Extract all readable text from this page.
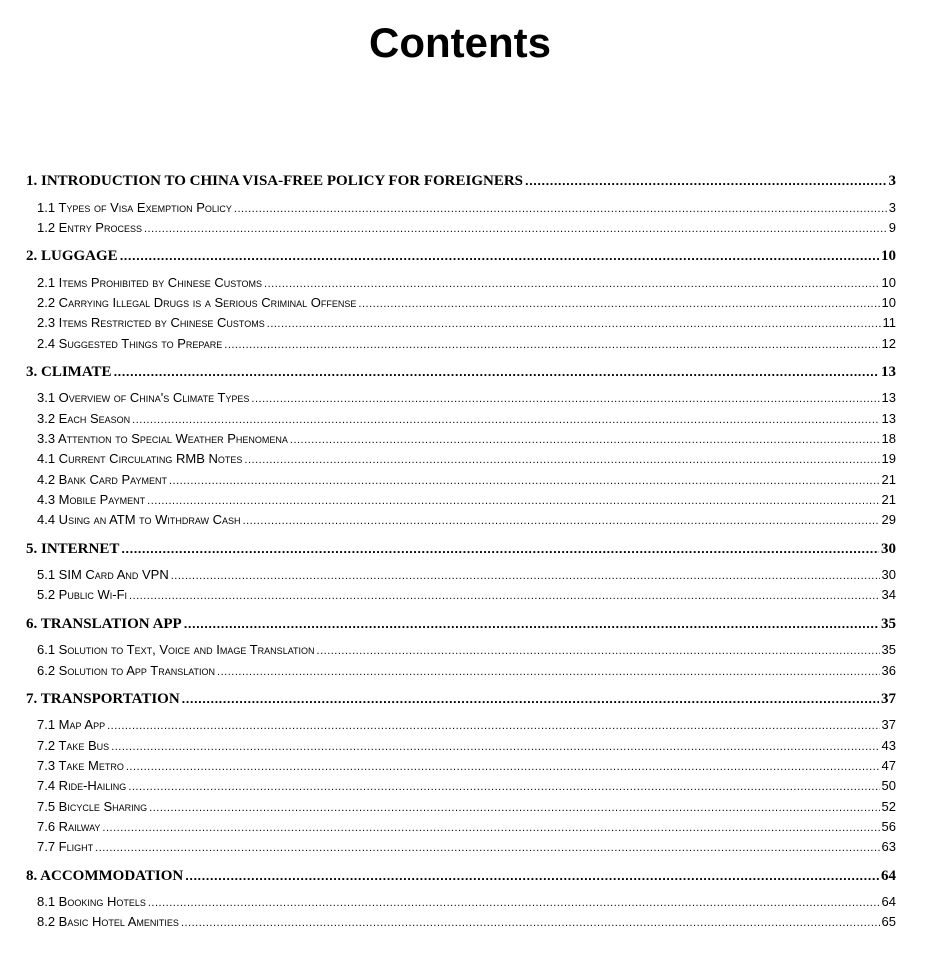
Contents
1. INTRODUCTION TO CHINA VISA-FREE POLICY FOR FOREIGNERS .....	3
1.1 Types of Visa Exemption Policy .....	3
1.2 Entry Process .....	9
2. LUGGAGE .....	10
2.1 Items Prohibited by Chinese Customs .....	10
2.2 Carrying Illegal Drugs is a Serious Criminal Offense .....	10
2.3 Items Restricted by Chinese Customs .....	11
2.4 Suggested Things to Prepare .....	12
3. CLIMATE .....	13
3.1 Overview of China's Climate Types .....	13
3.2 Each Season .....	13
3.3 Attention to Special Weather Phenomena .....	18
4.1 Current Circulating RMB Notes .....	19
4.2 Bank Card Payment .....	21
4.3 Mobile Payment .....	21
4.4 Using an ATM to Withdraw Cash .....	29
5. INTERNET .....	30
5.1 SIM Card And VPN .....	30
5.2 Public Wi-Fi .....	34
6. TRANSLATION APP .....	35
6.1 Solution to Text, Voice and Image Translation .....	35
6.2 Solution to App Translation .....	36
7. TRANSPORTATION .....	37
7.1 Map App .....	37
7.2 Take Bus .....	43
7.3 Take Metro .....	47
7.4 Ride-Hailing .....	50
7.5 Bicycle Sharing .....	52
7.6 Railway .....	56
7.7 Flight .....	63
8. ACCOMMODATION .....	64
8.1 Booking Hotels .....	64
8.2 Basic Hotel Amenities .....	65
